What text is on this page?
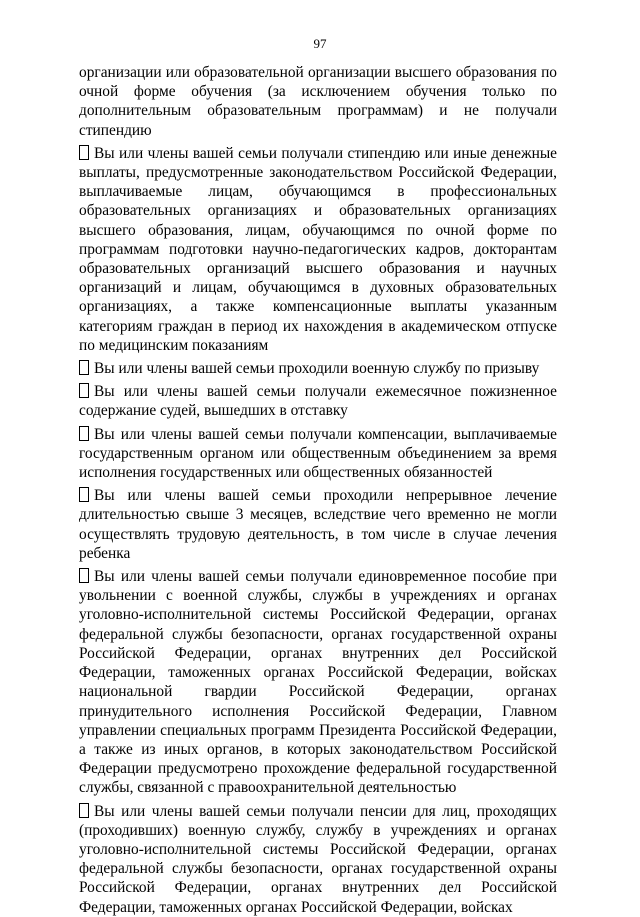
97

организации или образовательной организации высшего образования по очной форме обучения (за исключением обучения только по дополнительным образовательным программам) и не получали стипендию

Вы или члены вашей семьи получали стипендию или иные денежные выплаты, предусмотренные законодательством Российской Федерации, выплачиваемые лицам, обучающимся в профессиональных образовательных организациях и образовательных организациях высшего образования, лицам, обучающимся по очной форме по программам подготовки научно-педагогических кадров, докторантам образовательных организаций высшего образования и научных организаций и лицам, обучающимся в духовных образовательных организациях, а также компенсационные выплаты указанным категориям граждан в период их нахождения в академическом отпуске по медицинским показаниям

Вы или члены вашей семьи проходили военную службу по призыву

Вы или члены вашей семьи получали ежемесячное пожизненное содержание судей, вышедших в отставку

Вы или члены вашей семьи получали компенсации, выплачиваемые государственным органом или общественным объединением за время исполнения государственных или общественных обязанностей

Вы или члены вашей семьи проходили непрерывное лечение длительностью свыше 3 месяцев, вследствие чего временно не могли осуществлять трудовую деятельность, в том числе в случае лечения ребенка

Вы или члены вашей семьи получали единовременное пособие при увольнении с военной службы, службы в учреждениях и органах уголовно-исполнительной системы Российской Федерации, органах федеральной службы безопасности, органах государственной охраны Российской Федерации, органах внутренних дел Российской Федерации, таможенных органах Российской Федерации, войсках национальной гвардии Российской Федерации, органах принудительного исполнения Российской Федерации, Главном управлении специальных программ Президента Российской Федерации, а также из иных органов, в которых законодательством Российской Федерации предусмотрено прохождение федеральной государственной службы, связанной с правоохранительной деятельностью

Вы или члены вашей семьи получали пенсии для лиц, проходящих (проходивших) военную службу, службу в учреждениях и органах уголовно-исполнительной системы Российской Федерации, органах федеральной службы безопасности, органах государственной охраны Российской Федерации, органах внутренних дел Российской Федерации, таможенных органах Российской Федерации, войсках
